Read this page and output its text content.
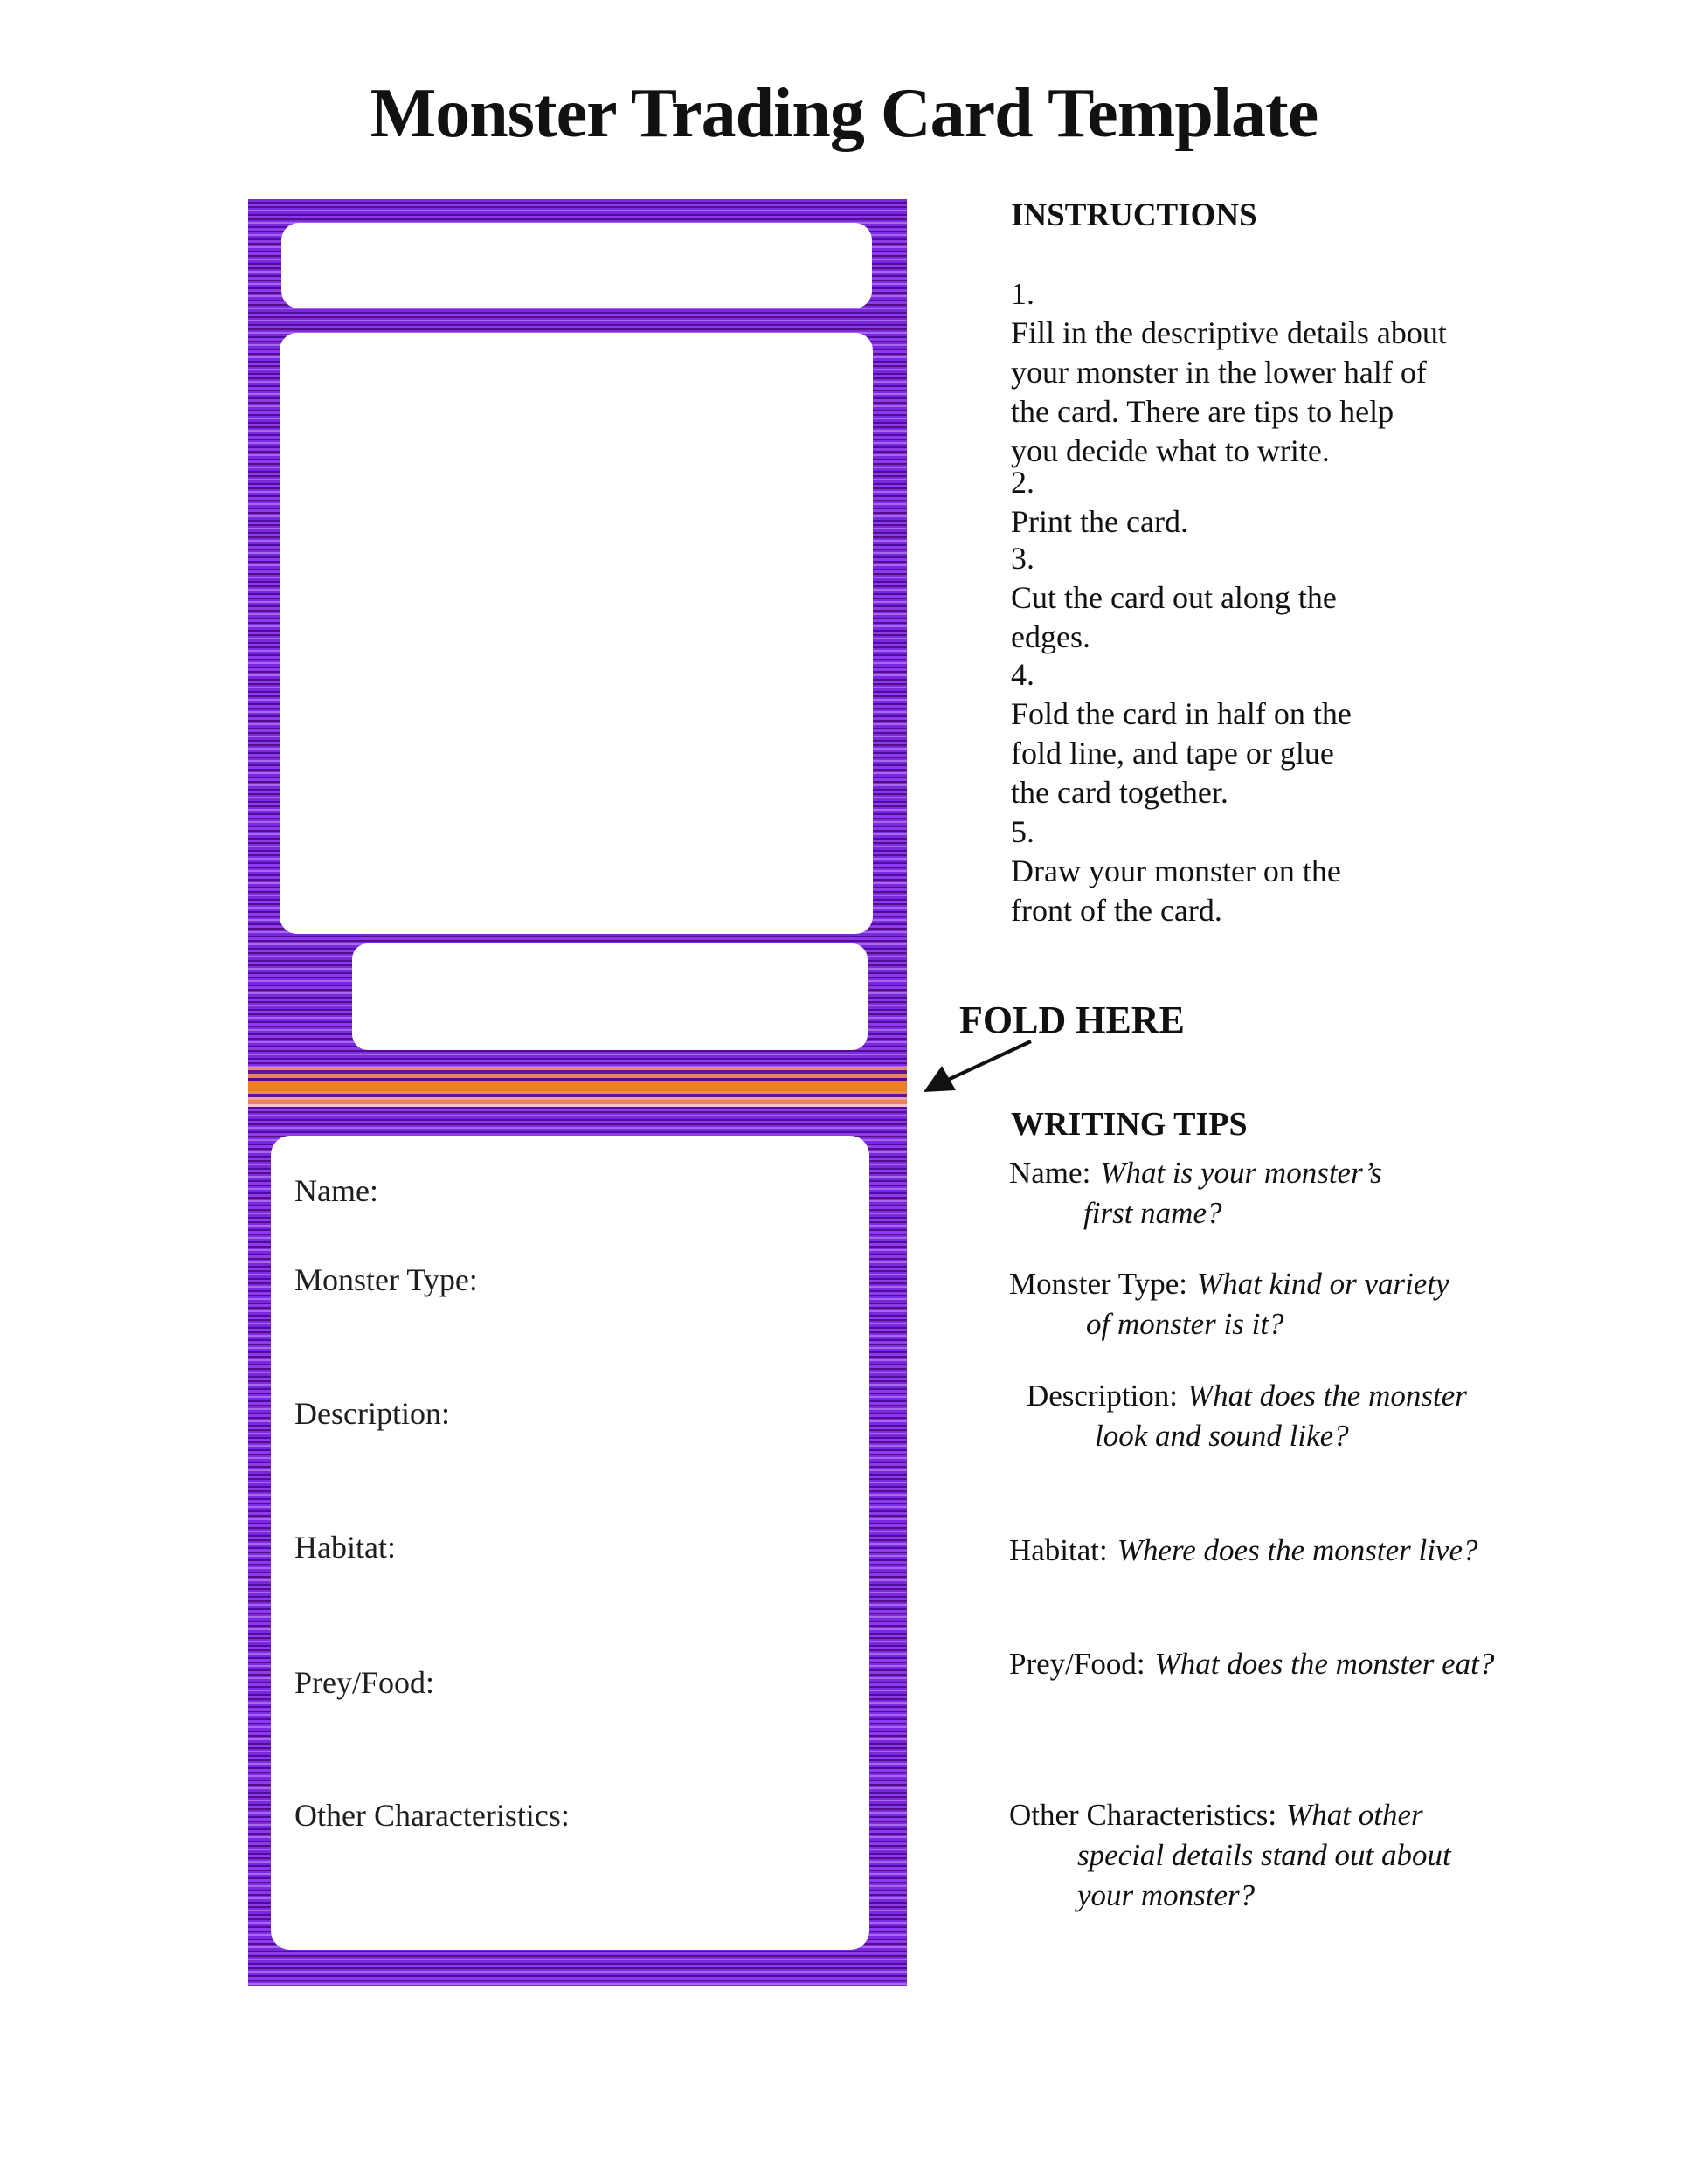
Monster Trading Card Template
Name:
Monster Type:
Description:
Habitat:
Prey/Food:
Other Characteristics:
INSTRUCTIONS
1.
Fill in the descriptive details about
your monster in the lower half of
the card. There are tips to help
you decide what to write.
2.
Print the card.
3.
Cut the card out along the
edges.
4.
Fold the card in half on the
fold line, and tape or glue
the card together.
5.
Draw your monster on the
front of the card.
FOLD HERE
WRITING TIPS
Name: What is your monster’s
first name?
Monster Type: What kind or variety
of monster is it?
Description: What does the monster
look and sound like?
Habitat: Where does the monster live?
Prey/Food: What does the monster eat?
Other Characteristics: What other
special details stand out about
your monster?
